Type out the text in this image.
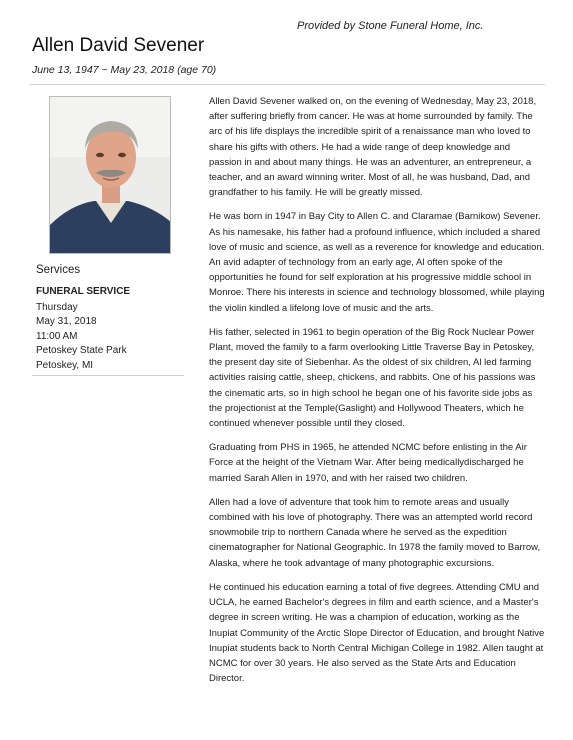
Provided by Stone Funeral Home, Inc.
Allen David Sevener
June 13, 1947 ~ May 23, 2018 (age 70)
Services
FUNERAL SERVICE
Thursday
May 31, 2018
11:00 AM
Petoskey State Park
Petoskey, MI

Allen David Sevener walked on, on the evening of Wednesday, May 23, 2018, after suffering briefly from cancer. He was at home surrounded by family. The arc of his life displays the incredible spirit of a renaissance man who loved to share his gifts with others. He had a wide range of deep knowledge and passion in and about many things. He was an adventurer, an entrepreneur, a teacher, and an award winning writer. Most of all, he was husband, Dad, and grandfather to his family. He will be greatly missed.

He was born in 1947 in Bay City to Allen C. and Claramae (Barnikow) Sevener. As his namesake, his father had a profound influence, which included a shared love of music and science, as well as a reverence for knowledge and education. An avid adapter of technology from an early age, Al often spoke of the opportunities he found for self exploration at his progressive middle school in Monroe. There his interests in science and technology blossomed, while playing the violin kindled a lifelong love of music and the arts.

His father, selected in 1961 to begin operation of the Big Rock Nuclear Power Plant, moved the family to a farm overlooking Little Traverse Bay in Petoskey, the present day site of Siebenhar. As the oldest of six children, Al led farming activities raising cattle, sheep, chickens, and rabbits. One of his passions was the cinematic arts, so in high school he began one of his favorite side jobs as the projectionist at the Temple(Gaslight) and Hollywood Theaters, which he continued whenever possible until they closed.

Graduating from PHS in 1965, he attended NCMC before enlisting in the Air Force at the height of the Vietnam War. After being medicallydischarged he married Sarah Allen in 1970, and with her raised two children.

Allen had a love of adventure that took him to remote areas and usually combined with his love of photography. There was an attempted world record snowmobile trip to northern Canada where he served as the expedition cinematographer for National Geographic. In 1978 the family moved to Barrow, Alaska, where he took advantage of many photographic excursions.

He continued his education earning a total of five degrees. Attending CMU and UCLA, he earned Bachelor's degrees in film and earth science, and a Master's degree in screen writing. He was a champion of education, working as the Inupiat Community of the Arctic Slope Director of Education, and brought Native Inupiat students back to North Central Michigan College in 1982. Allen taught at NCMC for over 30 years. He also served as the State Arts and Education Director.
